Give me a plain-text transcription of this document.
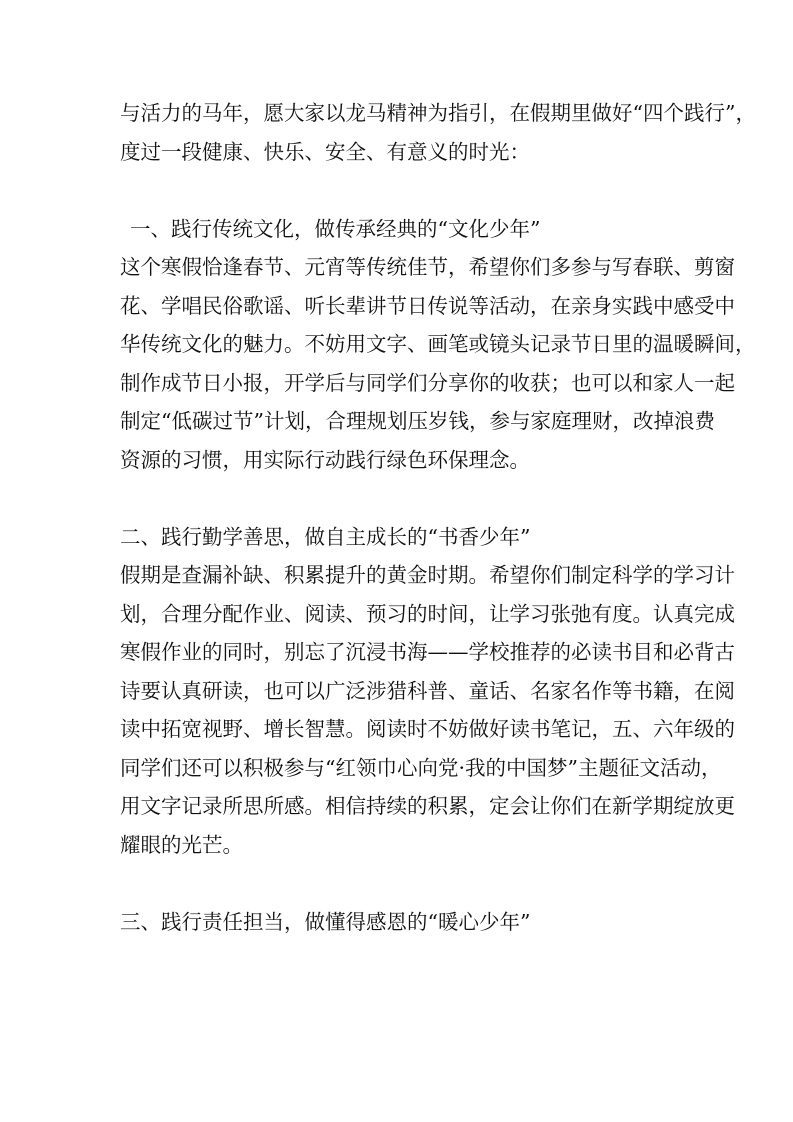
与活力的马年，愿大家以龙马精神为指引，在假期里做好“四个践行”，
度过一段健康、快乐、安全、有意义的时光：
一、践行传统文化，做传承经典的“文化少年”
这个寒假恰逢春节、元宵等传统佳节，希望你们多参与写春联、剪窗
花、学唱民俗歌谣、听长辈讲节日传说等活动，在亲身实践中感受中
华传统文化的魅力。不妨用文字、画笔或镜头记录节日里的温暖瞬间，
制作成节日小报，开学后与同学们分享你的收获；也可以和家人一起
制定“低碳过节”计划，合理规划压岁钱，参与家庭理财，改掉浪费
资源的习惯，用实际行动践行绿色环保理念。
二、践行勤学善思，做自主成长的“书香少年”
假期是查漏补缺、积累提升的黄金时期。希望你们制定科学的学习计
划，合理分配作业、阅读、预习的时间，让学习张弛有度。认真完成
寒假作业的同时，别忘了沉浸书海——学校推荐的必读书目和必背古
诗要认真研读，也可以广泛涉猎科普、童话、名家名作等书籍，在阅
读中拓宽视野、增长智慧。阅读时不妨做好读书笔记，五、六年级的
同学们还可以积极参与“红领巾心向党·我的中国梦”主题征文活动，
用文字记录所思所感。相信持续的积累，定会让你们在新学期绽放更
耀眼的光芒。
三、践行责任担当，做懂得感恩的“暖心少年”
